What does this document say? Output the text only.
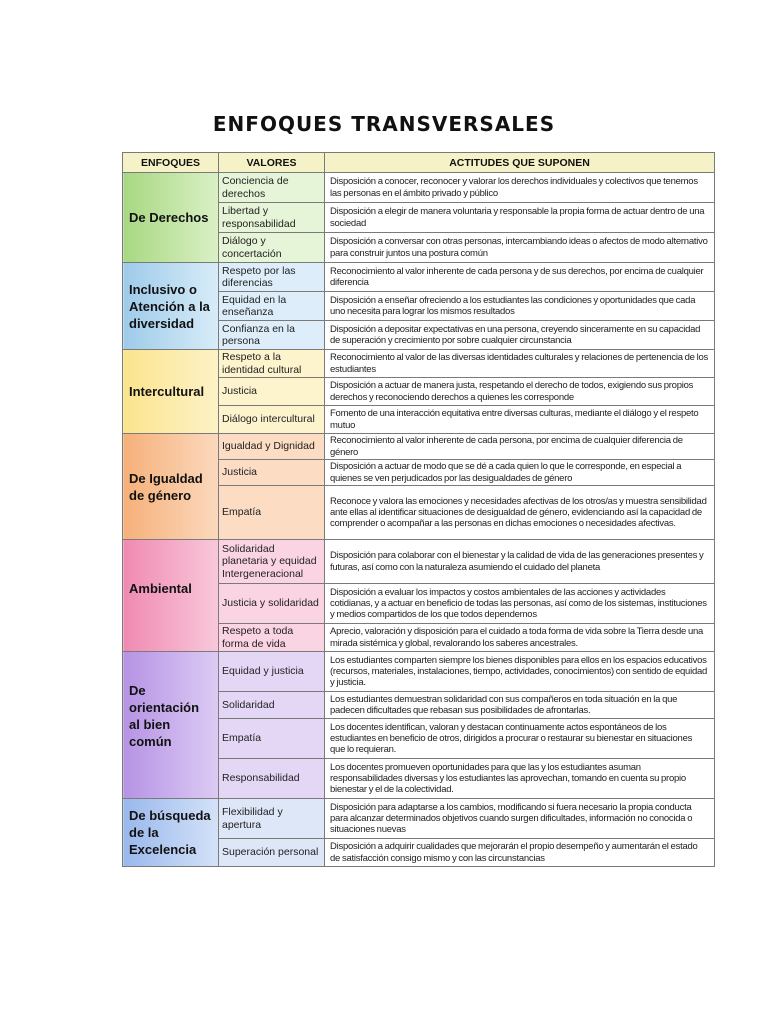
ENFOQUES TRANSVERSALES
ENFOQUES	VALORES	ACTITUDES QUE SUPONEN
De Derechos	Conciencia de derechos	Disposición a conocer, reconocer y valorar los derechos individuales y colectivos que tenemos las personas en el ámbito privado y público
	Libertad y responsabilidad	Disposición a elegir de manera voluntaria y responsable la propia forma de actuar dentro de una sociedad
	Diálogo y concertación	Disposición a conversar con otras personas, intercambiando ideas o afectos de modo alternativo para construir juntos una postura común
Inclusivo o Atención a la diversidad	Respeto por las diferencias	Reconocimiento al valor inherente de cada persona y de sus derechos, por encima de cualquier diferencia
	Equidad en la enseñanza	Disposición a enseñar ofreciendo a los estudiantes las condiciones y oportunidades que cada uno necesita para lograr los mismos resultados
	Confianza en la persona	Disposición a depositar expectativas en una persona, creyendo sinceramente en su capacidad de superación y crecimiento por sobre cualquier circunstancia
Intercultural	Respeto a la identidad cultural	Reconocimiento al valor de las diversas identidades culturales y relaciones de pertenencia de los estudiantes
	Justicia	Disposición a actuar de manera justa, respetando el derecho de todos, exigiendo sus propios derechos y reconociendo derechos a quienes les corresponde
	Diálogo intercultural	Fomento de una interacción equitativa entre diversas culturas, mediante el diálogo y el respeto mutuo
De Igualdad de género	Igualdad y Dignidad	Reconocimiento al valor inherente de cada persona, por encima de cualquier diferencia de género
	Justicia	Disposición a actuar de modo que se dé a cada quien lo que le corresponde, en especial a quienes se ven perjudicados por las desigualdades de género
	Empatía	Reconoce y valora las emociones y necesidades afectivas de los otros/as y muestra sensibilidad ante ellas al identificar situaciones de desigualdad de género, evidenciando así la capacidad de comprender o acompañar a las personas en dichas emociones o necesidades afectivas.
Ambiental	Solidaridad planetaria y equidad Intergeneracional	Disposición para colaborar con el bienestar y la calidad de vida de las generaciones presentes y futuras, así como con la naturaleza asumiendo el cuidado del planeta
	Justicia y solidaridad	Disposición a evaluar los impactos y costos ambientales de las acciones y actividades cotidianas, y a actuar en beneficio de todas las personas, así como de los sistemas, instituciones y medios compartidos de los que todos dependemos
	Respeto a toda forma de vida	Aprecio, valoración y disposición para el cuidado a toda forma de vida sobre la Tierra desde una mirada sistémica y global, revalorando los saberes ancestrales.
De orientación al bien común	Equidad y justicia	Los estudiantes comparten siempre los bienes disponibles para ellos en los espacios educativos (recursos, materiales, instalaciones, tiempo, actividades, conocimientos) con sentido de equidad y justicia.
	Solidaridad	Los estudiantes demuestran solidaridad con sus compañeros en toda situación en la que padecen dificultades que rebasan sus posibilidades de afrontarlas.
	Empatía	Los docentes identifican, valoran y destacan continuamente actos espontáneos de los estudiantes en beneficio de otros, dirigidos a procurar o restaurar su bienestar en situaciones que lo requieran.
	Responsabilidad	Los docentes promueven oportunidades para que las y los estudiantes asuman responsabilidades diversas y los estudiantes las aprovechan, tomando en cuenta su propio bienestar y el de la colectividad.
De búsqueda de la Excelencia	Flexibilidad y apertura	Disposición para adaptarse a los cambios, modificando si fuera necesario la propia conducta para alcanzar determinados objetivos cuando surgen dificultades, información no conocida o situaciones nuevas
	Superación personal	Disposición a adquirir cualidades que mejorarán el propio desempeño y aumentarán el estado de satisfacción consigo mismo y con las circunstancias
